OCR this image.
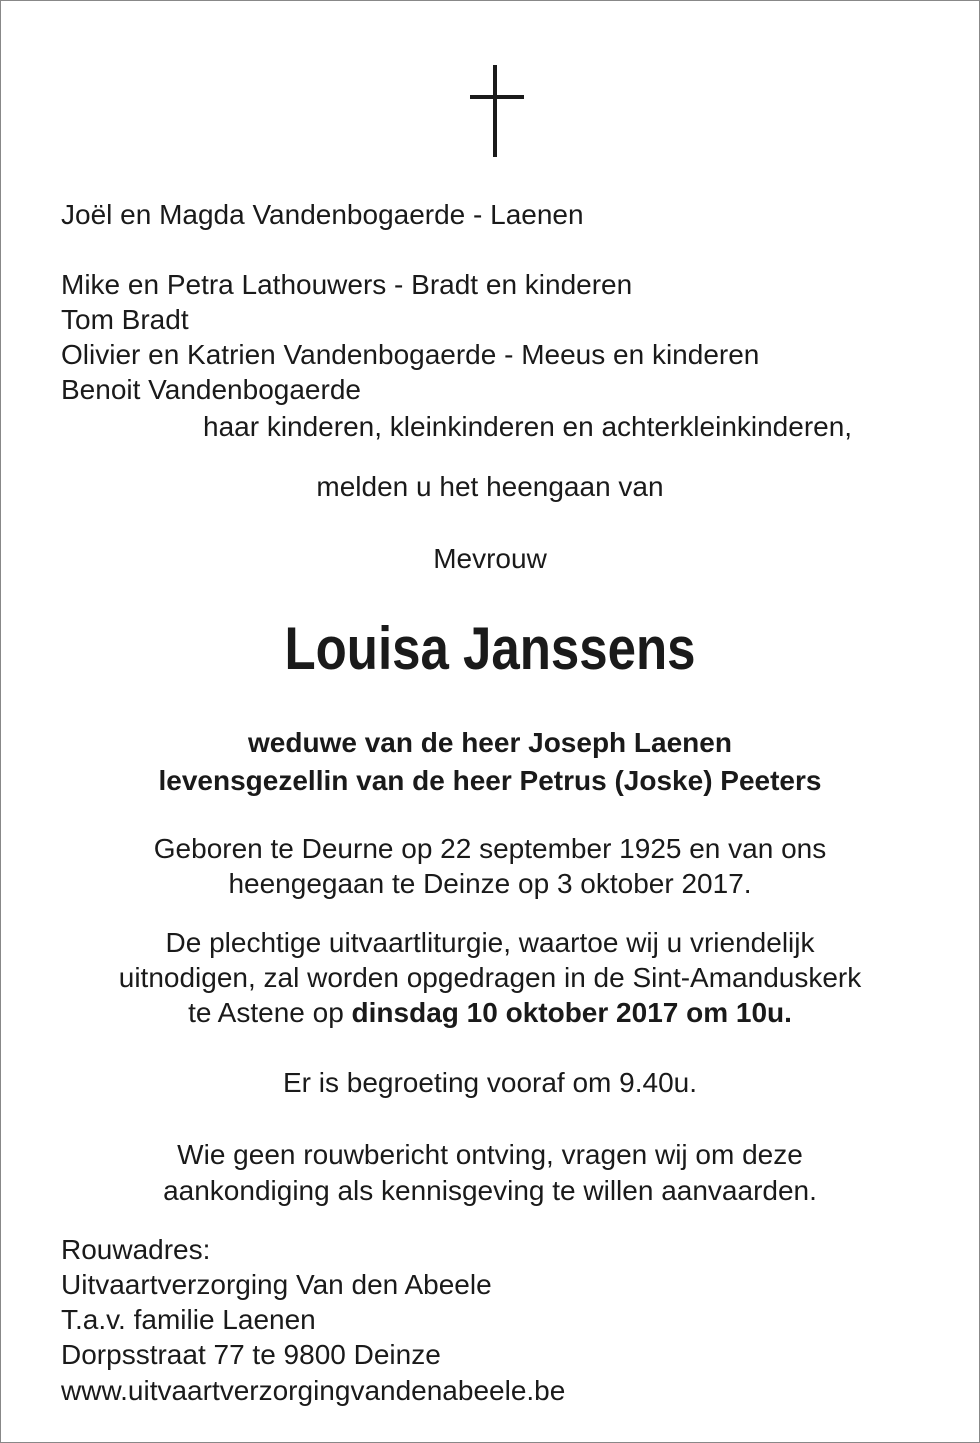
Joël en Magda Vandenbogaerde - Laenen
Mike en Petra Lathouwers - Bradt en kinderen
Tom Bradt
Olivier en Katrien Vandenbogaerde - Meeus en kinderen
Benoit Vandenbogaerde
haar kinderen, kleinkinderen en achterkleinkinderen,
melden u het heengaan van
Mevrouw
Louisa Janssens
weduwe van de heer Joseph Laenen
levensgezellin van de heer Petrus (Joske) Peeters
Geboren te Deurne op 22 september 1925 en van ons
heengegaan te Deinze op 3 oktober 2017.
De plechtige uitvaartliturgie, waartoe wij u vriendelijk
uitnodigen, zal worden opgedragen in de Sint-Amanduskerk
te Astene op dinsdag 10 oktober 2017 om 10u.
Er is begroeting vooraf om 9.40u.
Wie geen rouwbericht ontving, vragen wij om deze
aankondiging als kennisgeving te willen aanvaarden.
Rouwadres:
Uitvaartverzorging Van den Abeele
T.a.v. familie Laenen
Dorpsstraat 77 te 9800 Deinze
www.uitvaartverzorgingvandenabeele.be
